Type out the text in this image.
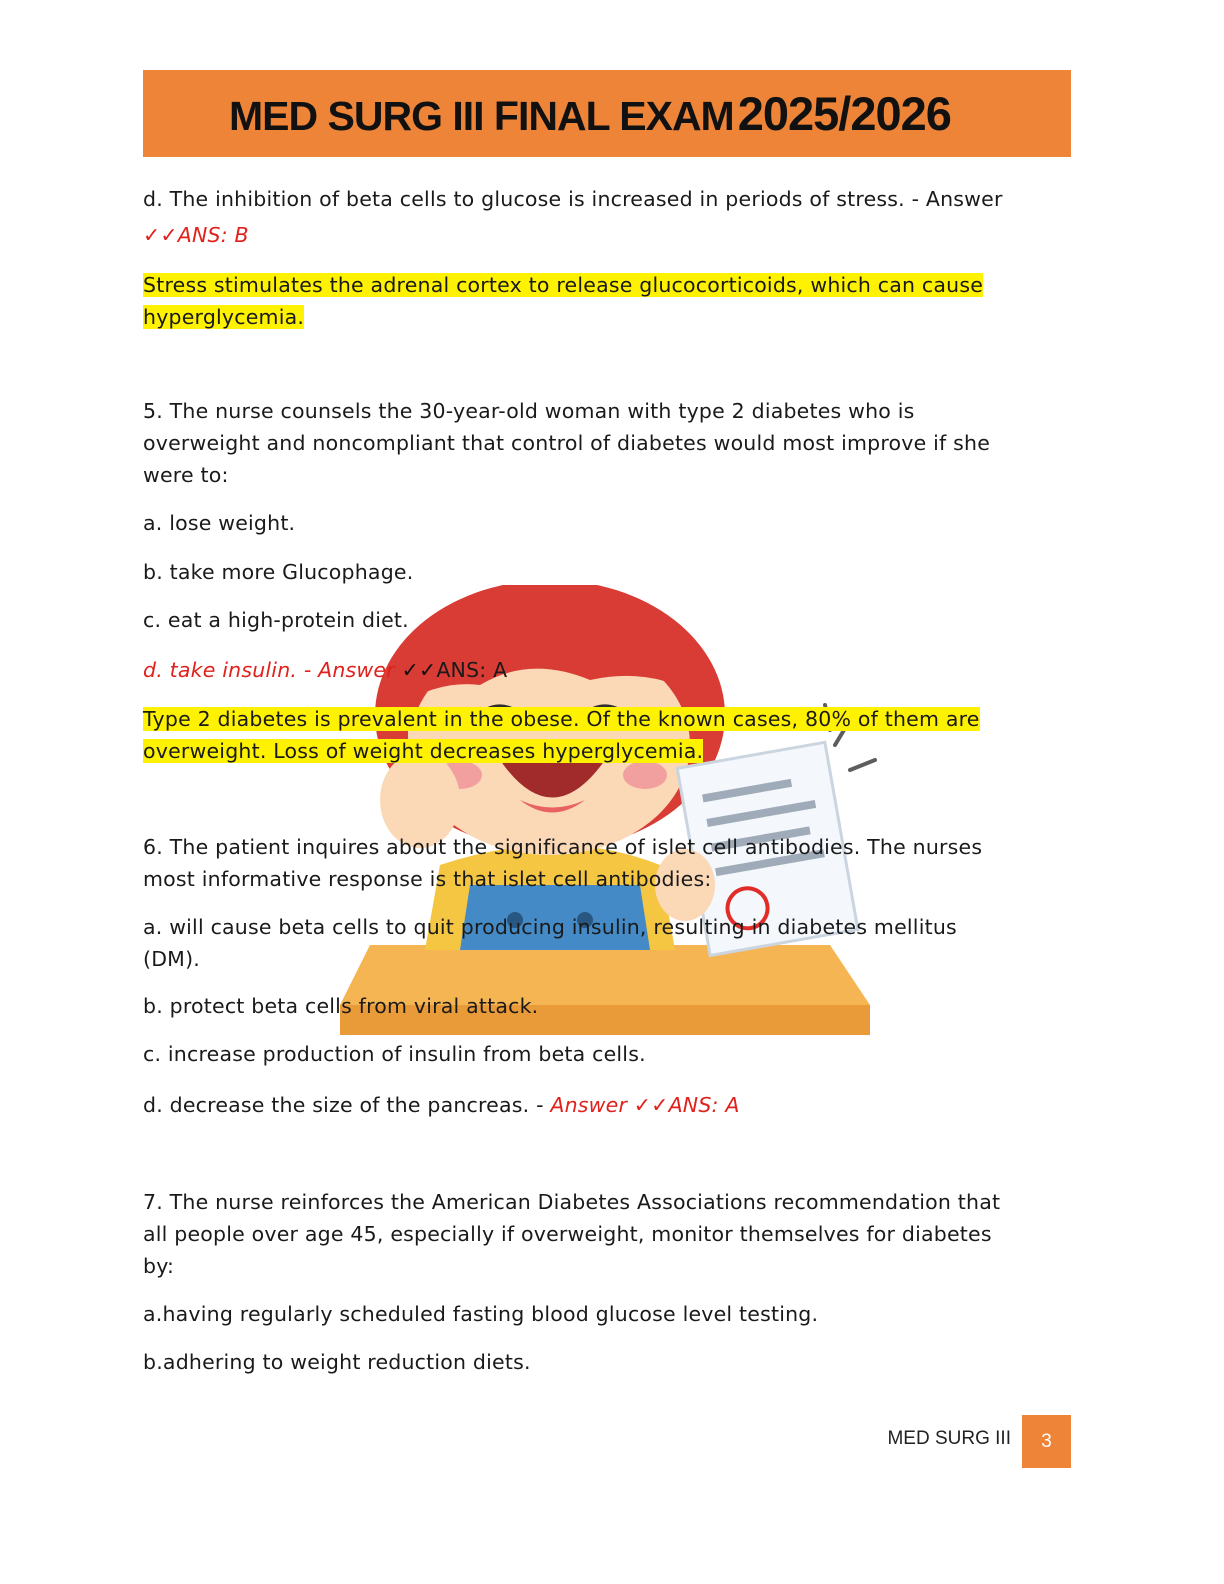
MED SURG III FINAL EXAM2025/2026
d. The inhibition of beta cells to glucose is increased in periods of stress. - Answer
✓✓ANS: B
Stress stimulates the adrenal cortex to release glucocorticoids, which can cause
hyperglycemia.
5. The nurse counsels the 30-year-old woman with type 2 diabetes who is
overweight and noncompliant that control of diabetes would most improve if she
were to:
a. lose weight.
b. take more Glucophage.
c. eat a high-protein diet.
d. take insulin. - Answer ✓✓ANS: A
Type 2 diabetes is prevalent in the obese. Of the known cases, 80% of them are
overweight. Loss of weight decreases hyperglycemia.
6. The patient inquires about the significance of islet cell antibodies. The nurses
most informative response is that islet cell antibodies:
a. will cause beta cells to quit producing insulin, resulting in diabetes mellitus
(DM).
b. protect beta cells from viral attack.
c. increase production of insulin from beta cells.
d. decrease the size of the pancreas. - Answer ✓✓ANS: A
7. The nurse reinforces the American Diabetes Associations recommendation that
all people over age 45, especially if overweight, monitor themselves for diabetes
by:
a.having regularly scheduled fasting blood glucose level testing.
b.adhering to weight reduction diets.
MED SURG III	3
